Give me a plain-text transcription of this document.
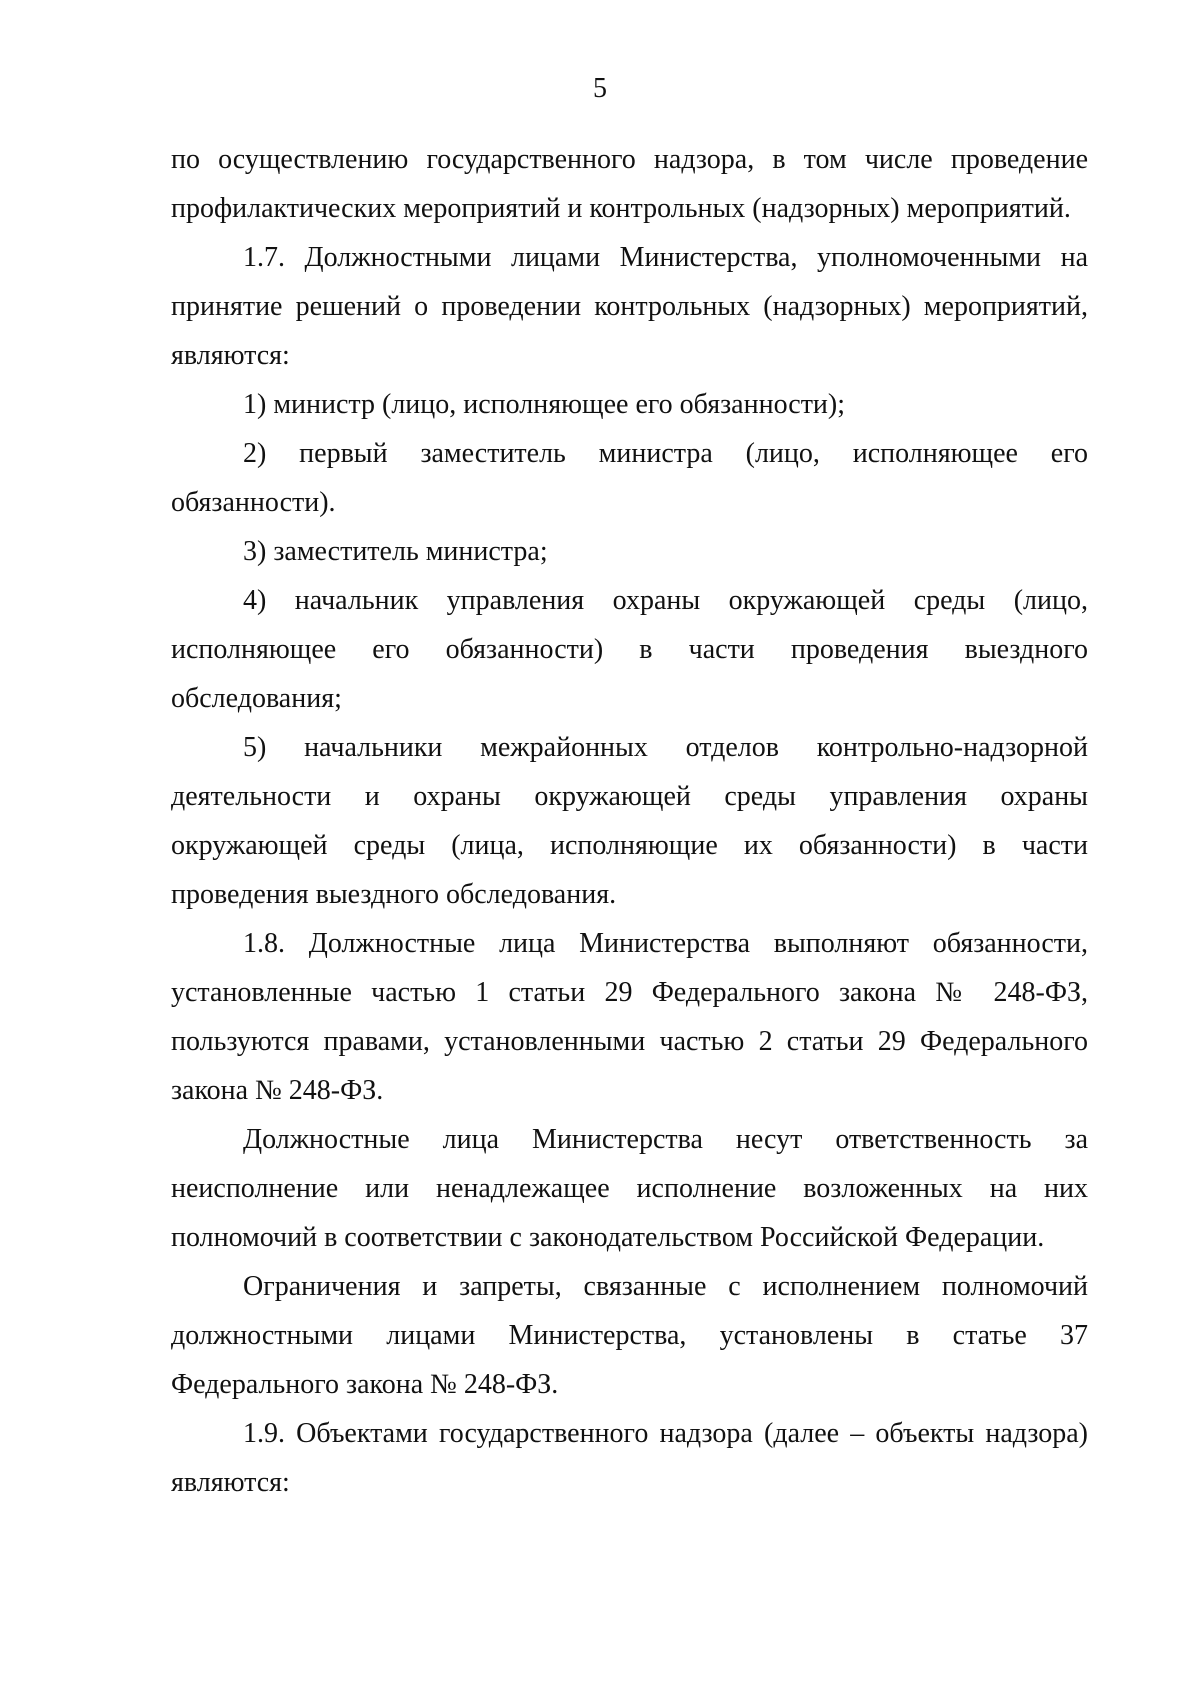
5

по осуществлению государственного надзора, в том числе проведение профилактических мероприятий и контрольных (надзорных) мероприятий.

1.7. Должностными лицами Министерства, уполномоченными на принятие решений о проведении контрольных (надзорных) мероприятий, являются:

1) министр (лицо, исполняющее его обязанности);

2) первый заместитель министра (лицо, исполняющее его обязанности).

3) заместитель министра;

4) начальник управления охраны окружающей среды (лицо, исполняющее его обязанности) в части проведения выездного обследования;

5) начальники межрайонных отделов контрольно-надзорной деятельности и охраны окружающей среды управления охраны окружающей среды (лица, исполняющие их обязанности) в части проведения выездного обследования.

1.8. Должностные лица Министерства выполняют обязанности, установленные частью 1 статьи 29 Федерального закона № 248-ФЗ, пользуются правами, установленными частью 2 статьи 29 Федерального закона № 248-ФЗ.

Должностные лица Министерства несут ответственность за неисполнение или ненадлежащее исполнение возложенных на них полномочий в соответствии с законодательством Российской Федерации.

Ограничения и запреты, связанные с исполнением полномочий должностными лицами Министерства, установлены в статье 37 Федерального закона № 248-ФЗ.

1.9. Объектами государственного надзора (далее – объекты надзора) являются:
